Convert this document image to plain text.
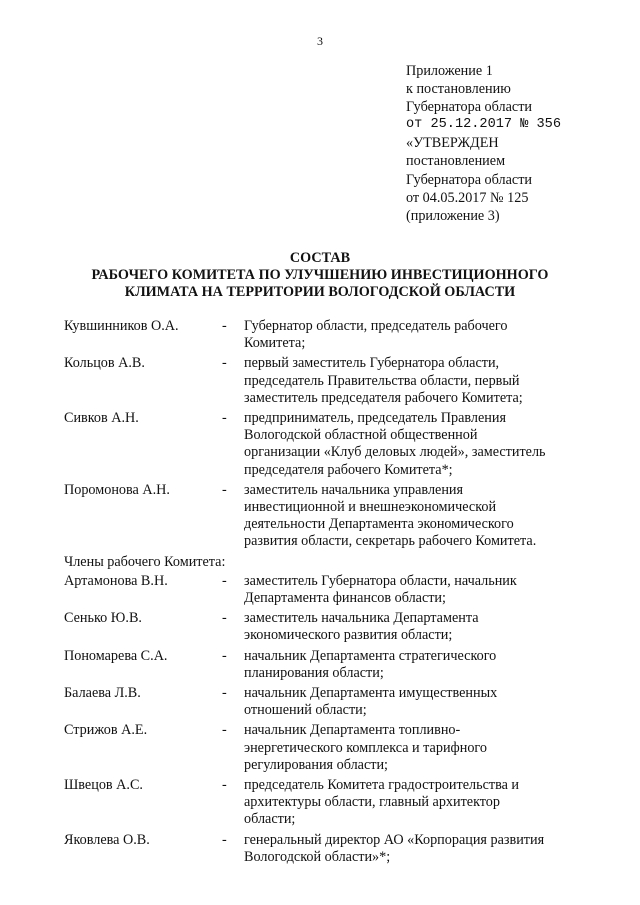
3
Приложение 1
к постановлению
Губернатора области
от 25.12.2017 № 356
«УТВЕРЖДЕН
постановлением
Губернатора области
от 04.05.2017 № 125
(приложение 3)
СОСТАВ
РАБОЧЕГО КОМИТЕТА ПО УЛУЧШЕНИЮ ИНВЕСТИЦИОННОГО
КЛИМАТА НА ТЕРРИТОРИИ ВОЛОГОДСКОЙ ОБЛАСТИ
Кувшинников О.А.	-	Губернатор области, председатель рабочего Комитета;
Кольцов А.В.	-	первый заместитель Губернатора области, председатель Правительства области, первый заместитель председателя рабочего Комитета;
Сивков А.Н.	-	предприниматель, председатель Правления Вологодской областной общественной организации «Клуб деловых людей», заместитель председателя рабочего Комитета*;
Поромонова А.Н.	-	заместитель начальника управления инвестиционной и внешнеэкономической деятельности Департамента экономического развития области, секретарь рабочего Комитета.
Члены рабочего Комитета:
Артамонова В.Н.	-	заместитель Губернатора области, начальник Департамента финансов области;
Сенько Ю.В.	-	заместитель начальника Департамента экономического развития области;
Пономарева С.А.	-	начальник Департамента стратегического планирования области;
Балаева Л.В.	-	начальник Департамента имущественных отношений области;
Стрижов А.Е.	-	начальник Департамента топливно-энергетического комплекса и тарифного регулирования области;
Швецов А.С.	-	председатель Комитета градостроительства и архитектуры области, главный архитектор области;
Яковлева О.В.	-	генеральный директор АО «Корпорация развития Вологодской области»*;
